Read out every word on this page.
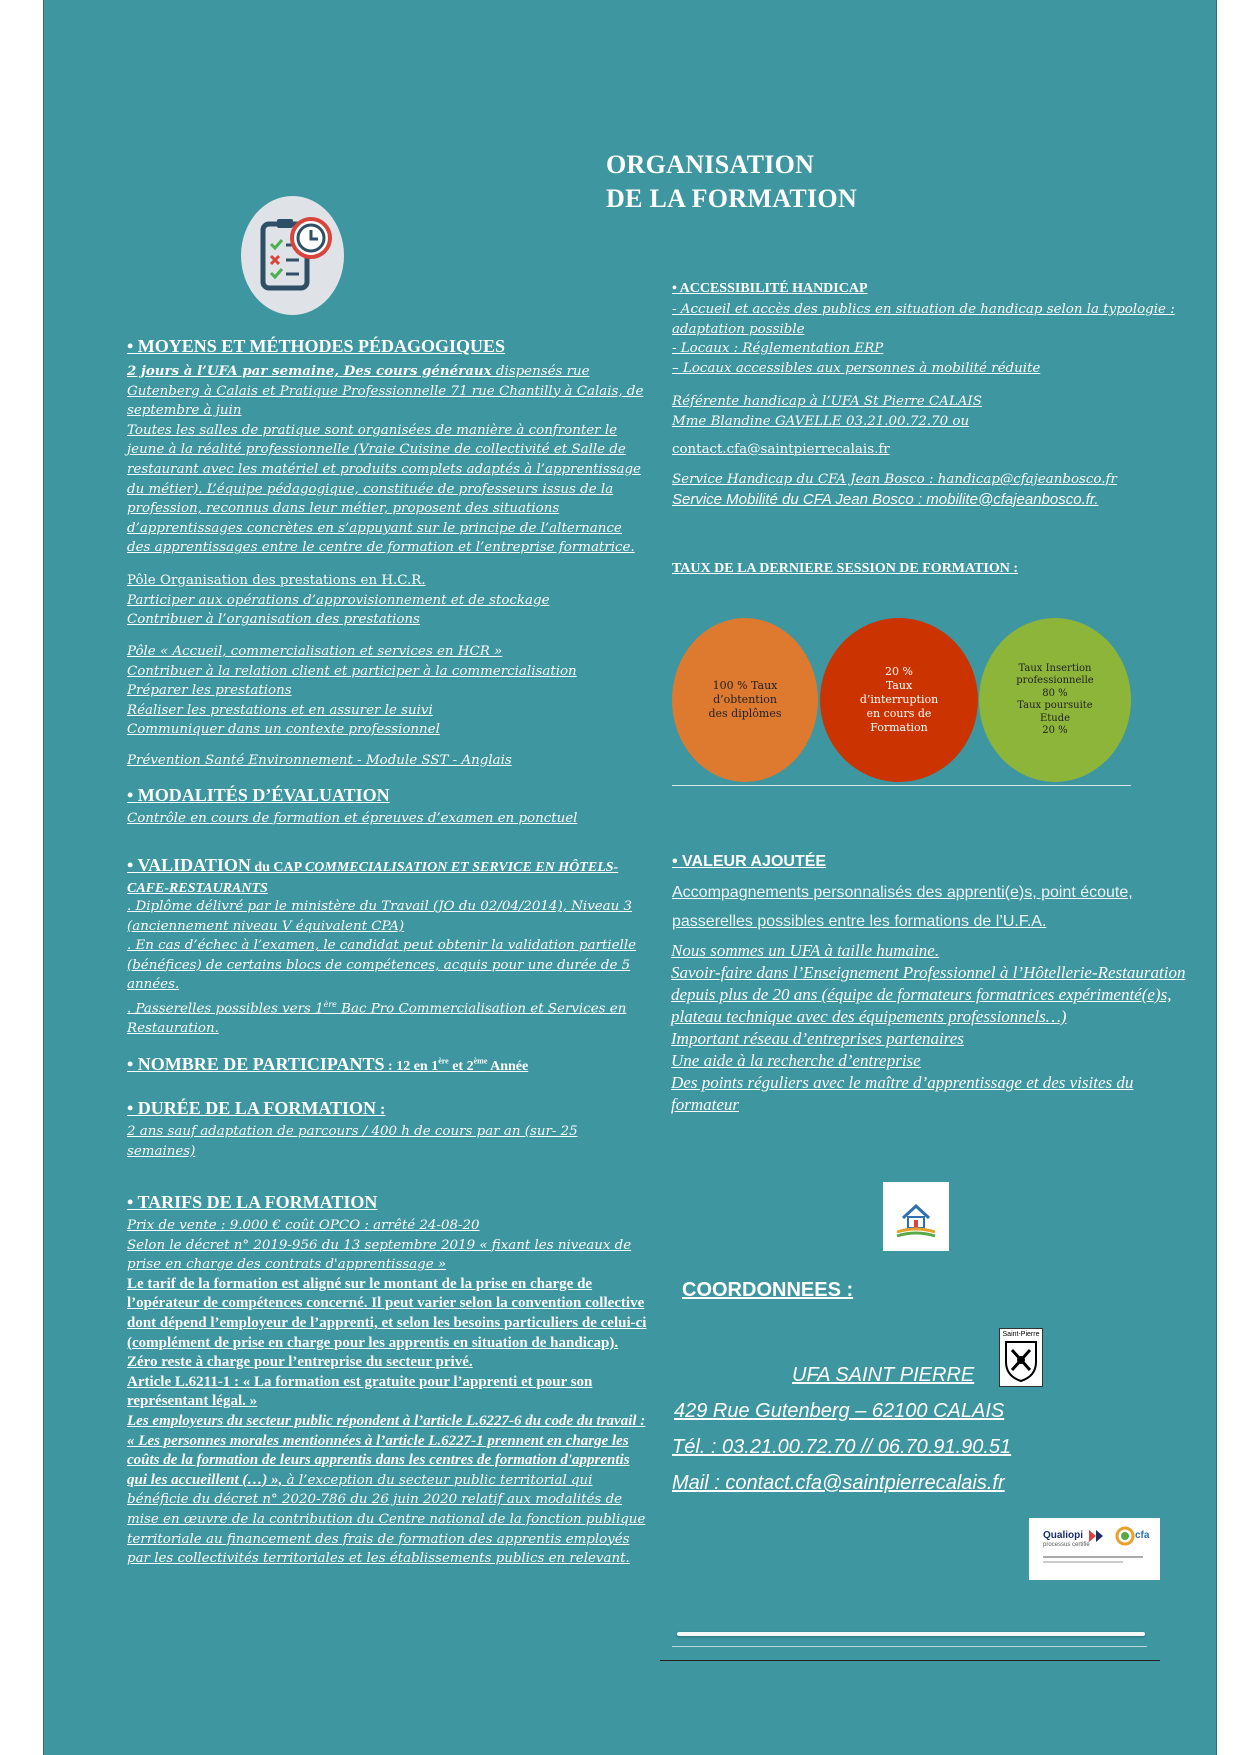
ORGANISATION
DE LA FORMATION
• MOYENS ET MÉTHODES PÉDAGOGIQUES

2 jours à l’UFA par semaine, Des cours généraux dispensés rue Gutenberg à Calais et Pratique Professionnelle 71 rue Chantilly à Calais, de septembre à juin

Toutes les salles de pratique sont organisées de manière à confronter le jeune à la réalité professionnelle (Vraie Cuisine de collectivité et Salle de restaurant avec les matériel et produits complets adaptés à l’apprentissage du métier). L’équipe pédagogique, constituée de professeurs issus de la profession, reconnus dans leur métier, proposent des situations d’apprentissages concrètes en s’appuyant sur le principe de l’alternance des apprentissages entre le centre de formation et l’entreprise formatrice.

Pôle Organisation des prestations en H.C.R.

Participer aux opérations d’approvisionnement et de stockage

Contribuer à l’organisation des prestations

Pôle « Accueil, commercialisation et services en HCR »

Contribuer à la relation client et participer à la commercialisation

Préparer les prestations

Réaliser les prestations et en assurer le suivi

Communiquer dans un contexte professionnel

Prévention Santé Environnement - Module SST - Anglais
• MODALITÉS D’ÉVALUATION
Contrôle en cours de formation et épreuves d’examen en ponctuel
• VALIDATION du CAP COMMECIALISATION ET SERVICE EN HÔTELS-CAFE-RESTAURANTS

. Diplôme délivré par le ministère du Travail (JO du 02/04/2014), Niveau 3 (anciennement niveau V équivalent CPA)

. En cas d’échec à l’examen, le candidat peut obtenir la validation partielle (bénéfices) de certains blocs de compétences, acquis pour une durée de 5 années.

. Passerelles possibles vers 1ère Bac Pro Commercialisation et Services en Restauration.

• NOMBRE DE PARTICIPANTS : 12 en 1ère et 2ème Année
• DURÉE DE LA FORMATION :
2 ans sauf adaptation de parcours / 400 h de cours par an (sur- 25 semaines)
• TARIFS DE LA FORMATION

Prix de vente : 9.000 € coût OPCO : arrêté 24-08-20

Selon le décret n° 2019-956 du 13 septembre 2019 « fixant les niveaux de prise en charge des contrats d'apprentissage »

Le tarif de la formation est aligné sur le montant de la prise en charge de l’opérateur de compétences concerné. Il peut varier selon la convention collective dont dépend l’employeur de l’apprenti, et selon les besoins particuliers de celui-ci (complément de prise en charge pour les apprentis en situation de handicap).

Zéro reste à charge pour l’entreprise du secteur privé.

Article L.6211-1 : « La formation est gratuite pour l’apprenti et pour son représentant légal. »

Les employeurs du secteur public répondent à l’article L.6227-6 du code du travail : « Les personnes morales mentionnées à l’article L.6227-1 prennent en charge les coûts de la formation de leurs apprentis dans les centres de formation d'apprentis qui les accueillent (…) », à l’exception du secteur public territorial qui bénéficie du décret n° 2020-786 du 26 juin 2020 relatif aux modalités de mise en œuvre de la contribution du Centre national de la fonction publique territoriale au financement des frais de formation des apprentis employés par les collectivités territoriales et les établissements publics en relevant.

• ACCESSIBILITÉ HANDICAP

- Accueil et accès des publics en situation de handicap selon la typologie : adaptation possible

- Locaux : Réglementation ERP

– Locaux accessibles aux personnes à mobilité réduite

Référente handicap à l’UFA St Pierre CALAIS

Mme Blandine GAVELLE 03.21.00.72.70 ou

contact.cfa@saintpierrecalais.fr

Service Handicap du CFA Jean Bosco : handicap@cfajeanbosco.fr

Service Mobilité du CFA Jean Bosco : mobilite@cfajeanbosco.fr.

TAUX DE LA DERNIERE SESSION DE FORMATION :
100 % Taux
d’obtention
des diplômes
20 %
Taux
d’interruption
en cours de
Formation
Taux Insertion
professionnelle
80 %
Taux poursuite
Etude
20 %
• VALEUR AJOUTÉE
Accompagnements personnalisés des apprenti(e)s, point écoute, passerelles possibles entre les formations de l’U.F.A.

Nous sommes un UFA à taille humaine.

Savoir-faire dans l’Enseignement Professionnel à l’Hôtellerie-Restauration depuis plus de 20 ans (équipe de formateurs formatrices expérimenté(e)s, plateau technique avec des équipements professionnels…)

Important réseau d’entreprises partenaires

Une aide à la recherche d’entreprise

Des points réguliers avec le maître d’apprentissage et des visites du formateur

COORDONNEES :
Saint-Pierre
UFA SAINT PIERRE
429 Rue Gutenberg – 62100 CALAIS
Tél. : 03.21.00.72.70 // 06.70.91.90.51
Mail : contact.cfa@saintpierrecalais.fr
Qualiopi
processus certifié
cfa
